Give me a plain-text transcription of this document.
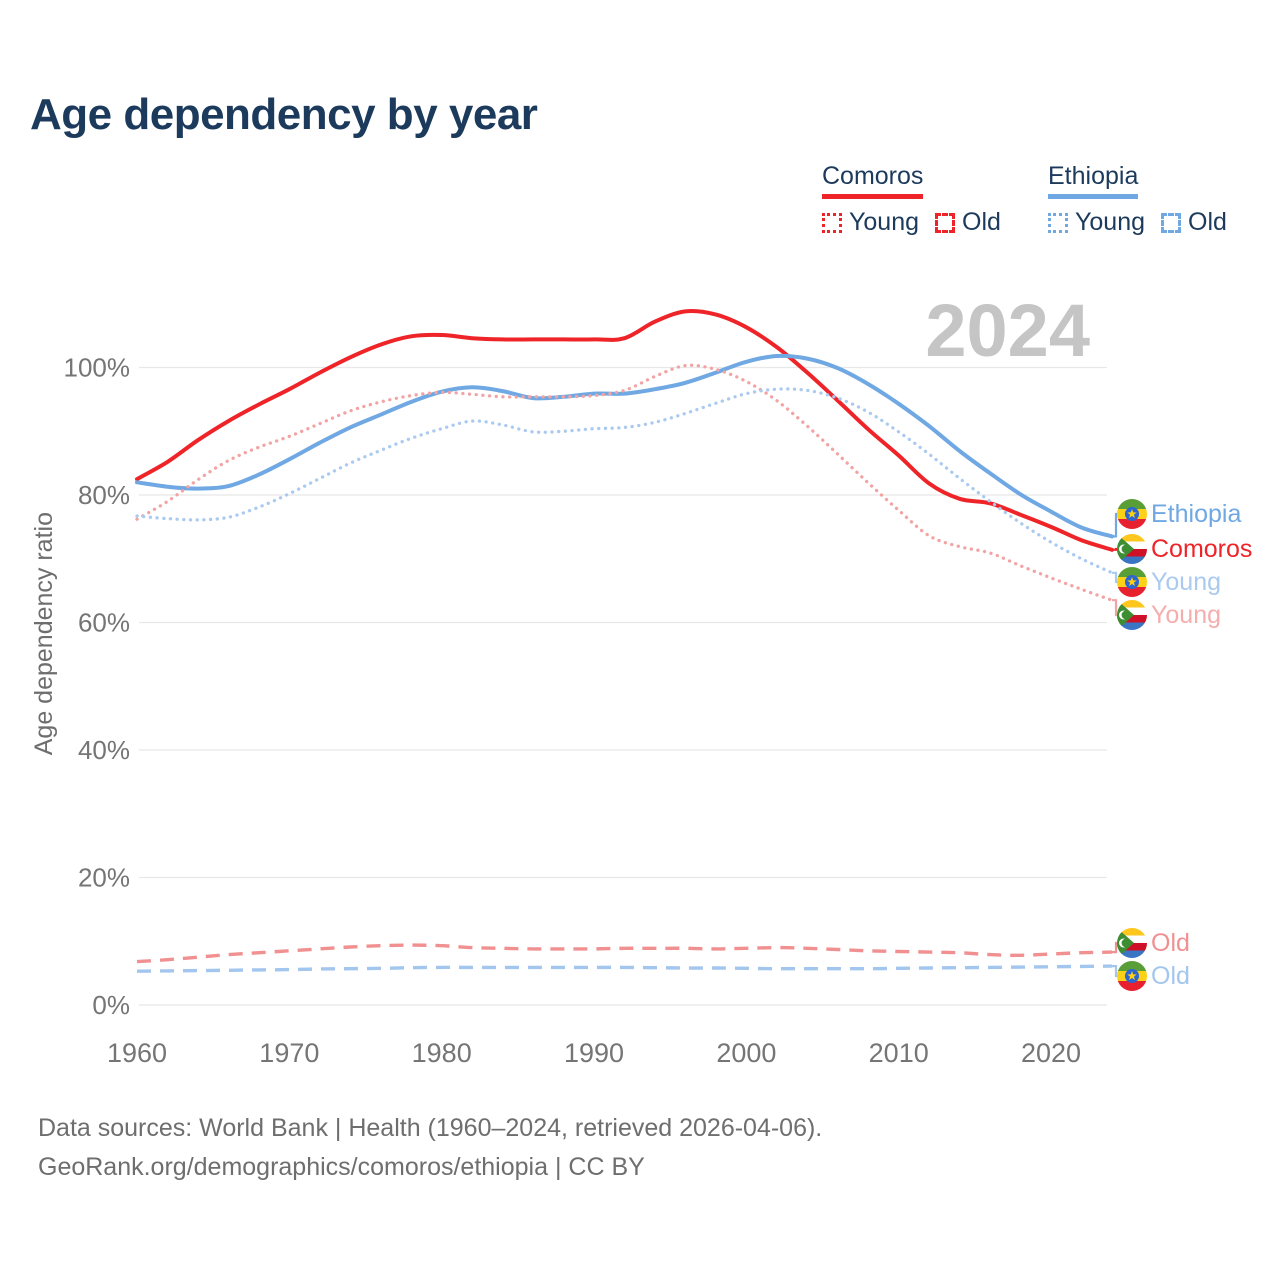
Age dependency by year
2024
Comoros
Young Old
Ethiopia
Young Old
Age dependency ratio
100%
80%
60%
40%
20%
0%
1960	1970	1980	1990	2000	2010	2020
Ethiopia
Comoros
Young
Young
Old
Old
Data sources: World Bank | Health (1960–2024, retrieved 2026-04-06).
GeoRank.org/demographics/comoros/ethiopia | CC BY
